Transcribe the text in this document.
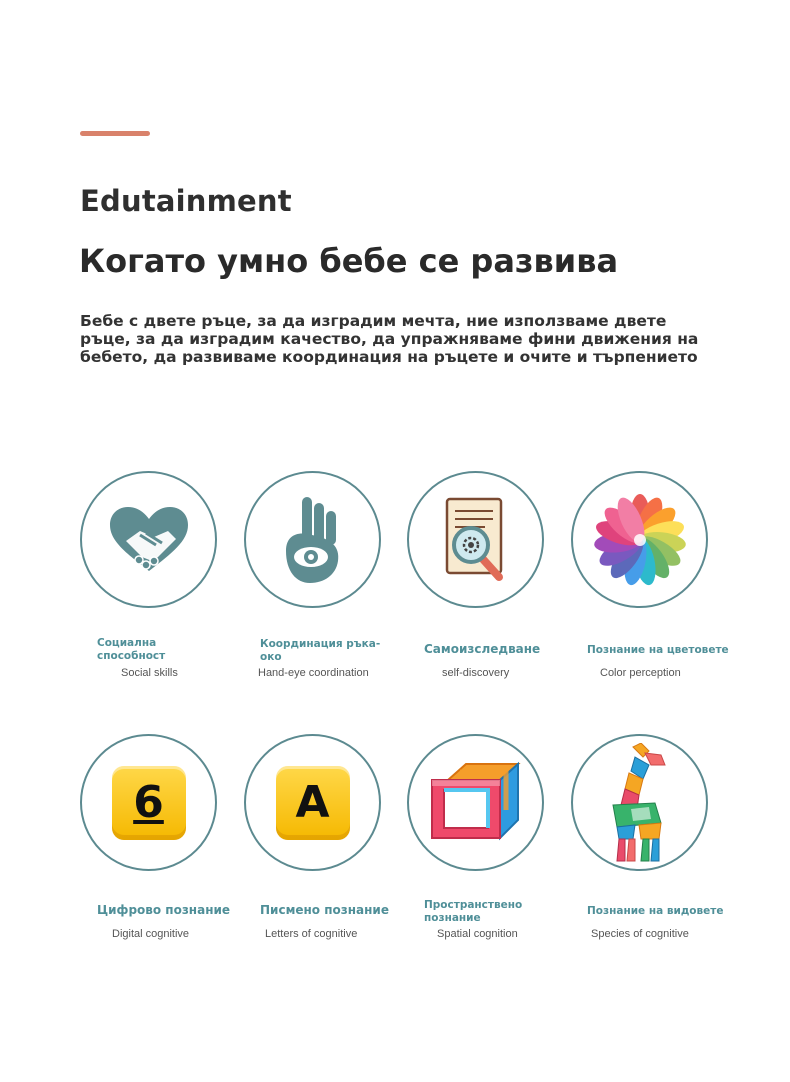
Edutainment
Когато умно бебе се развива
Бебе с двете ръце, за да изградим мечта, ние използваме двете
ръце, за да изградим качество, да упражняваме фини движения на
бебето, да развиваме координация на ръцете и очите и търпението
Социална
способност
Social skills
Координация ръка-
око
Hand-eye coordination
Самоизследване
self-discovery
Познание на цветовете
Color perception
6
Цифрово познание
Digital cognitive
A
Писмено познание
Letters of cognitive
Пространствено
познание
Spatial cognition
Познание на видовете
Species of cognitive
